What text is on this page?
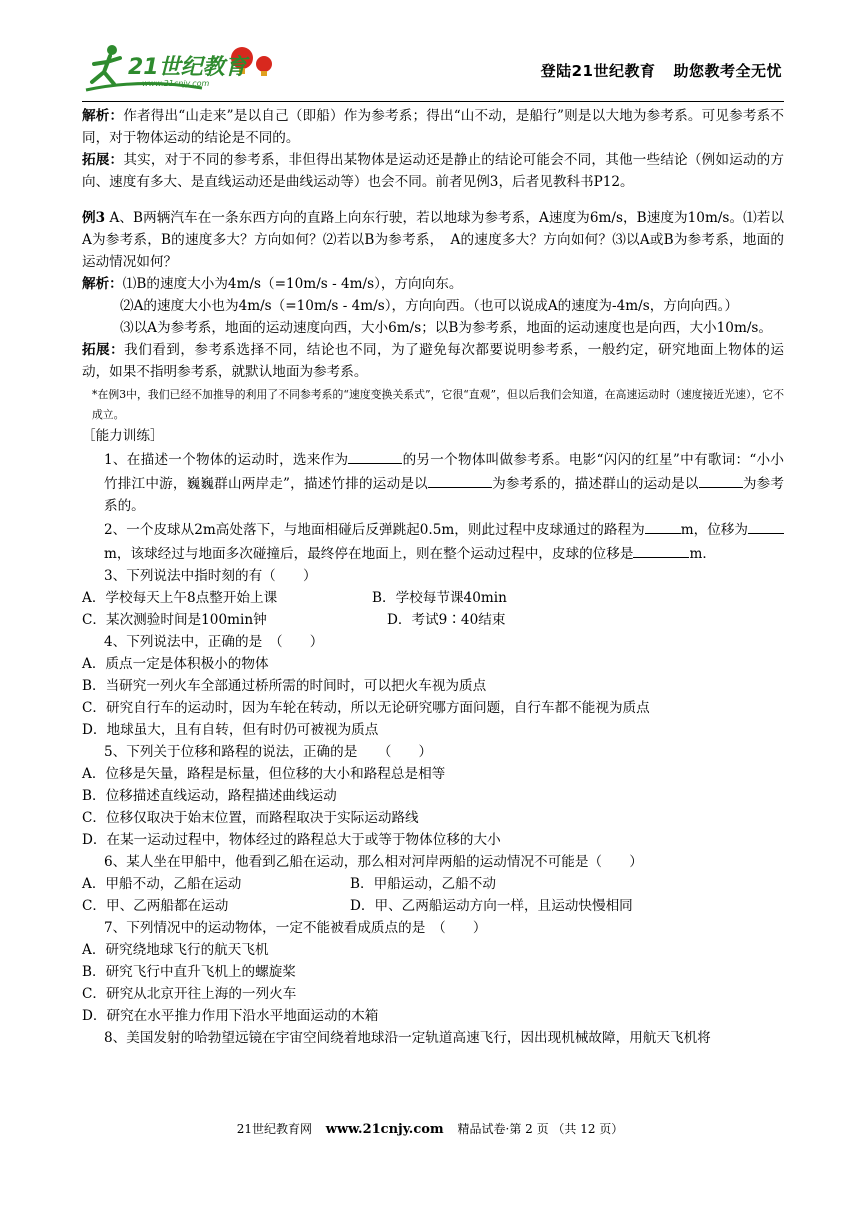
21世纪教育
www.21cnjy.com
登陆21世纪教育 助您教考全无忧

解析：作者得出“山走来”是以自己（即船）作为参考系；得出“山不动，是船行”则是以大地为参考系。可见参考系不同，对于物体运动的结论是不同的。

拓展：其实，对于不同的参考系，非但得出某物体是运动还是静止的结论可能会不同，其他一些结论（例如运动的方向、速度有多大、是直线运动还是曲线运动等）也会不同。前者见例3，后者见教科书P12。

例3 A、B两辆汽车在一条东西方向的直路上向东行驶，若以地球为参考系，A速度为6m/s，B速度为10m/s。⑴若以A为参考系，B的速度多大？方向如何？⑵若以B为参考系，　A的速度多大？方向如何？⑶以A或B为参考系，地面的运动情况如何？

解析：⑴B的速度大小为4m/s（=10m/s - 4m/s），方向向东。

⑵A的速度大小也为4m/s（=10m/s - 4m/s），方向向西。（也可以说成A的速度为-4m/s，方向向西。）

⑶以A为参考系，地面的运动速度向西，大小6m/s；以B为参考系，地面的运动速度也是向西，大小10m/s。

拓展：我们看到，参考系选择不同，结论也不同，为了避免每次都要说明参考系，一般约定，研究地面上物体的运动，如果不指明参考系，就默认地面为参考系。

*在例3中，我们已经不加推导的利用了不同参考系的“速度变换关系式”，它很“直观”，但以后我们会知道，在高速运动时（速度接近光速），它不成立。

［能力训练］

1、在描述一个物体的运动时，选来作为	的另一个物体叫做参考系。电影“闪闪的红星”中有歌词：“小小竹排江中游，巍巍群山两岸走”，描述竹排的运动是以	为参考系的，描述群山的运动是以	为参考系的。

2、一个皮球从2m高处落下，与地面相碰后反弹跳起0.5m，则此过程中皮球通过的路程为	m，位移为m，该球经过与地面多次碰撞后，最终停在地面上，则在整个运动过程中，皮球的位移是	m．

3、下列说法中指时刻的有（　　）

A．学校每天上午8点整开始上课	B．学校每节课40min
C．某次测验时间是100min钟	D．考试9∶40结束

4、下列说法中，正确的是　（　　）

A．质点一定是体积极小的物体

B．当研究一列火车全部通过桥所需的时间时，可以把火车视为质点

C．研究自行车的运动时，因为车轮在转动，所以无论研究哪方面问题，自行车都不能视为质点

D．地球虽大，且有自转，但有时仍可被视为质点

5、下列关于位移和路程的说法，正确的是　　（　　）

A．位移是矢量，路程是标量，但位移的大小和路程总是相等

B．位移描述直线运动，路程描述曲线运动

C．位移仅取决于始末位置，而路程取决于实际运动路线

D．在某一运动过程中，物体经过的路程总大于或等于物体位移的大小

6、某人坐在甲船中，他看到乙船在运动，那么相对河岸两船的运动情况不可能是（　　）

A．甲船不动，乙船在运动	B．甲船运动，乙船不动
C．甲、乙两船都在运动	D．甲、乙两船运动方向一样，且运动快慢相同

7、下列情况中的运动物体，一定不能被看成质点的是　（　　）

A．研究绕地球飞行的航天飞机

B．研究飞行中直升飞机上的螺旋桨

C．研究从北京开往上海的一列火车

D．研究在水平推力作用下沿水平地面运动的木箱

8、美国发射的哈勃望远镜在宇宙空间绕着地球沿一定轨道高速飞行，因出现机械故障，用航天飞机将

21世纪教育网 www.21cnjy.com 精品试卷·第 2 页 （共 12 页）
